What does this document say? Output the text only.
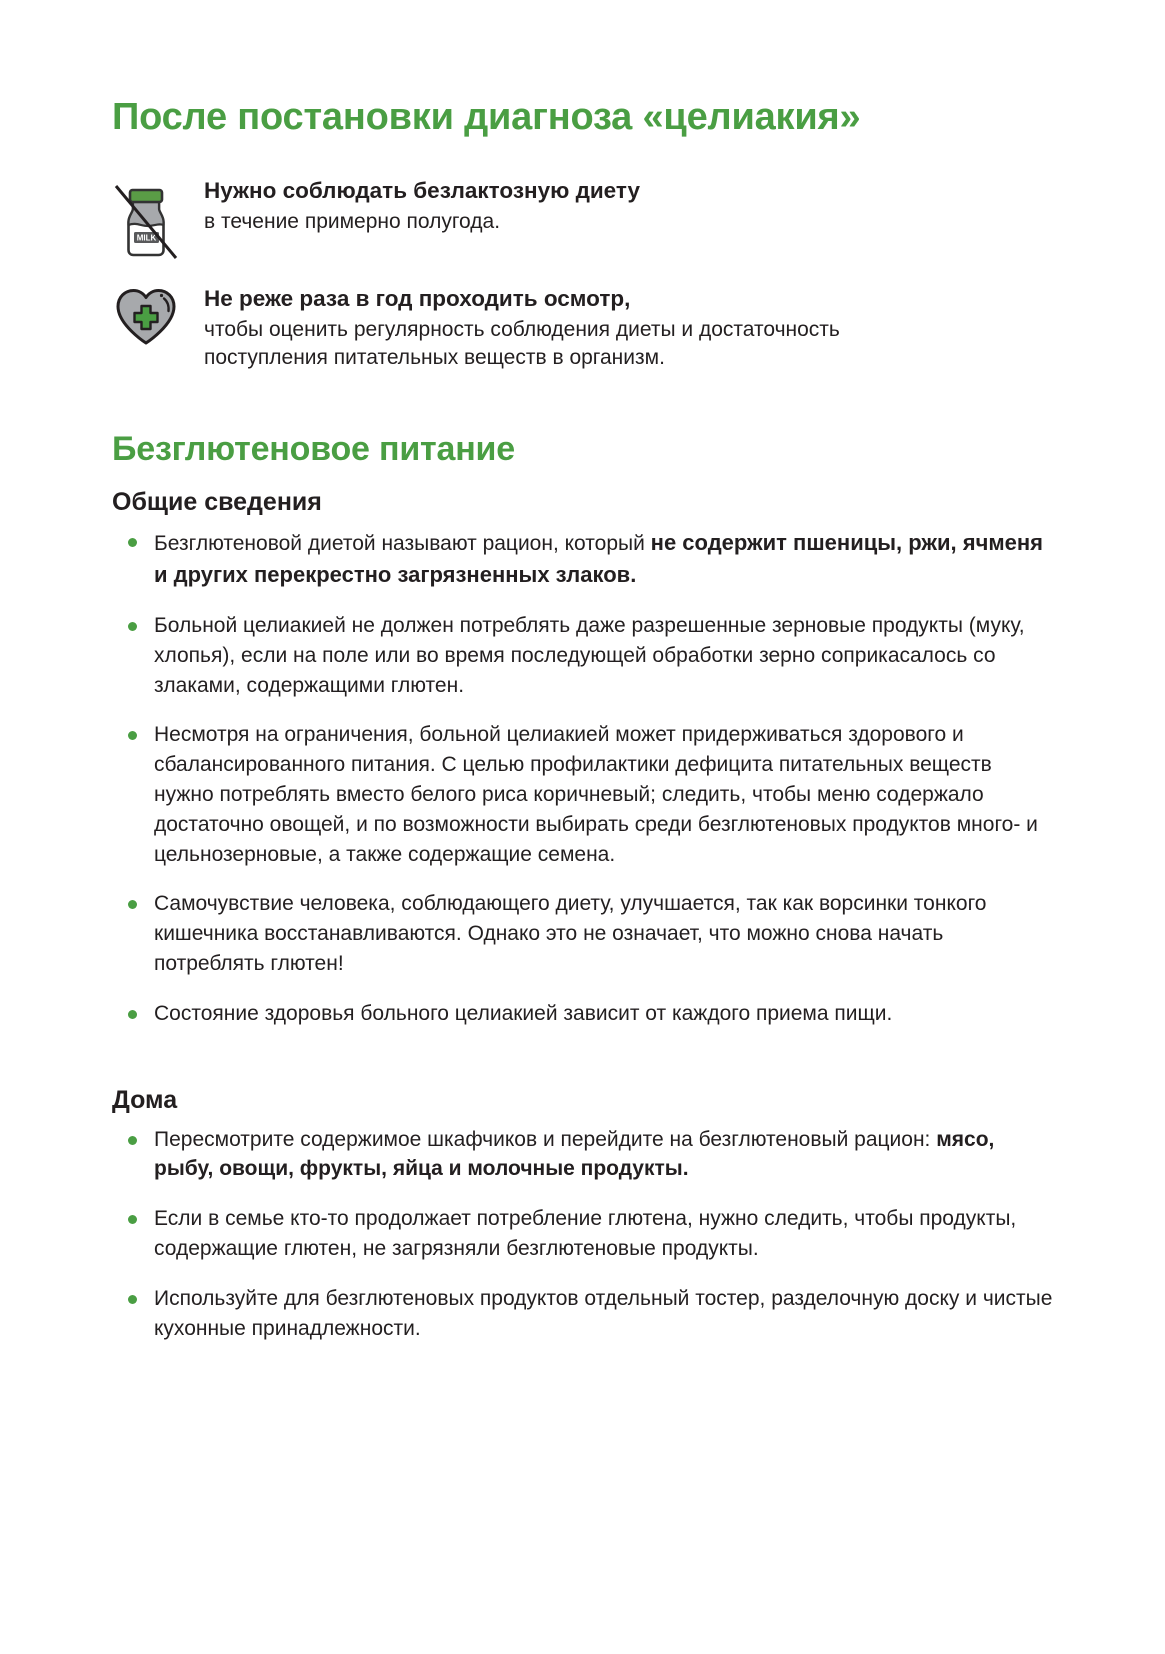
После постановки диагноза «целиакия»
MILK

Нужно соблюдать безлактозную диету

в течение примерно полугода.

Не реже раза в год проходить осмотр,

чтобы оценить регулярность соблюдения диеты и достаточность поступления питательных веществ в организм.

Безглютеновое питание
Общие сведения
Безглютеновой диетой называют рацион, который не содержит пшеницы, ржи, ячменя и других перекрестно загрязненных злаков.
Больной целиакией не должен потреблять даже разрешенные зерновые продукты (муку, хлопья), если на поле или во время последующей обработки зерно соприкасалось со злаками, содержащими глютен.
Несмотря на ограничения, больной целиакией может придерживаться здорового и сбалансированного питания. С целью профилактики дефицита питательных веществ нужно потреблять вместо белого риса коричневый; следить, чтобы меню содержало достаточно овощей, и по возможности выбирать среди безглютеновых продуктов много- и цельнозерновые, а также содержащие семена.
Самочувствие человека, соблюдающего диету, улучшается, так как ворсинки тонкого кишечника восстанавливаются. Однако это не означает, что можно снова начать потреблять глютен!
Состояние здоровья больного целиакией зависит от каждого приема пищи.
Дома
Пересмотрите содержимое шкафчиков и перейдите на безглютеновый рацион: мясо, рыбу, овощи, фрукты, яйца и молочные продукты.
Если в семье кто-то продолжает потребление глютена, нужно следить, чтобы продукты, содержащие глютен, не загрязняли безглютеновые продукты.
Используйте для безглютеновых продуктов отдельный тостер, разделочную доску и чистые кухонные принадлежности.
